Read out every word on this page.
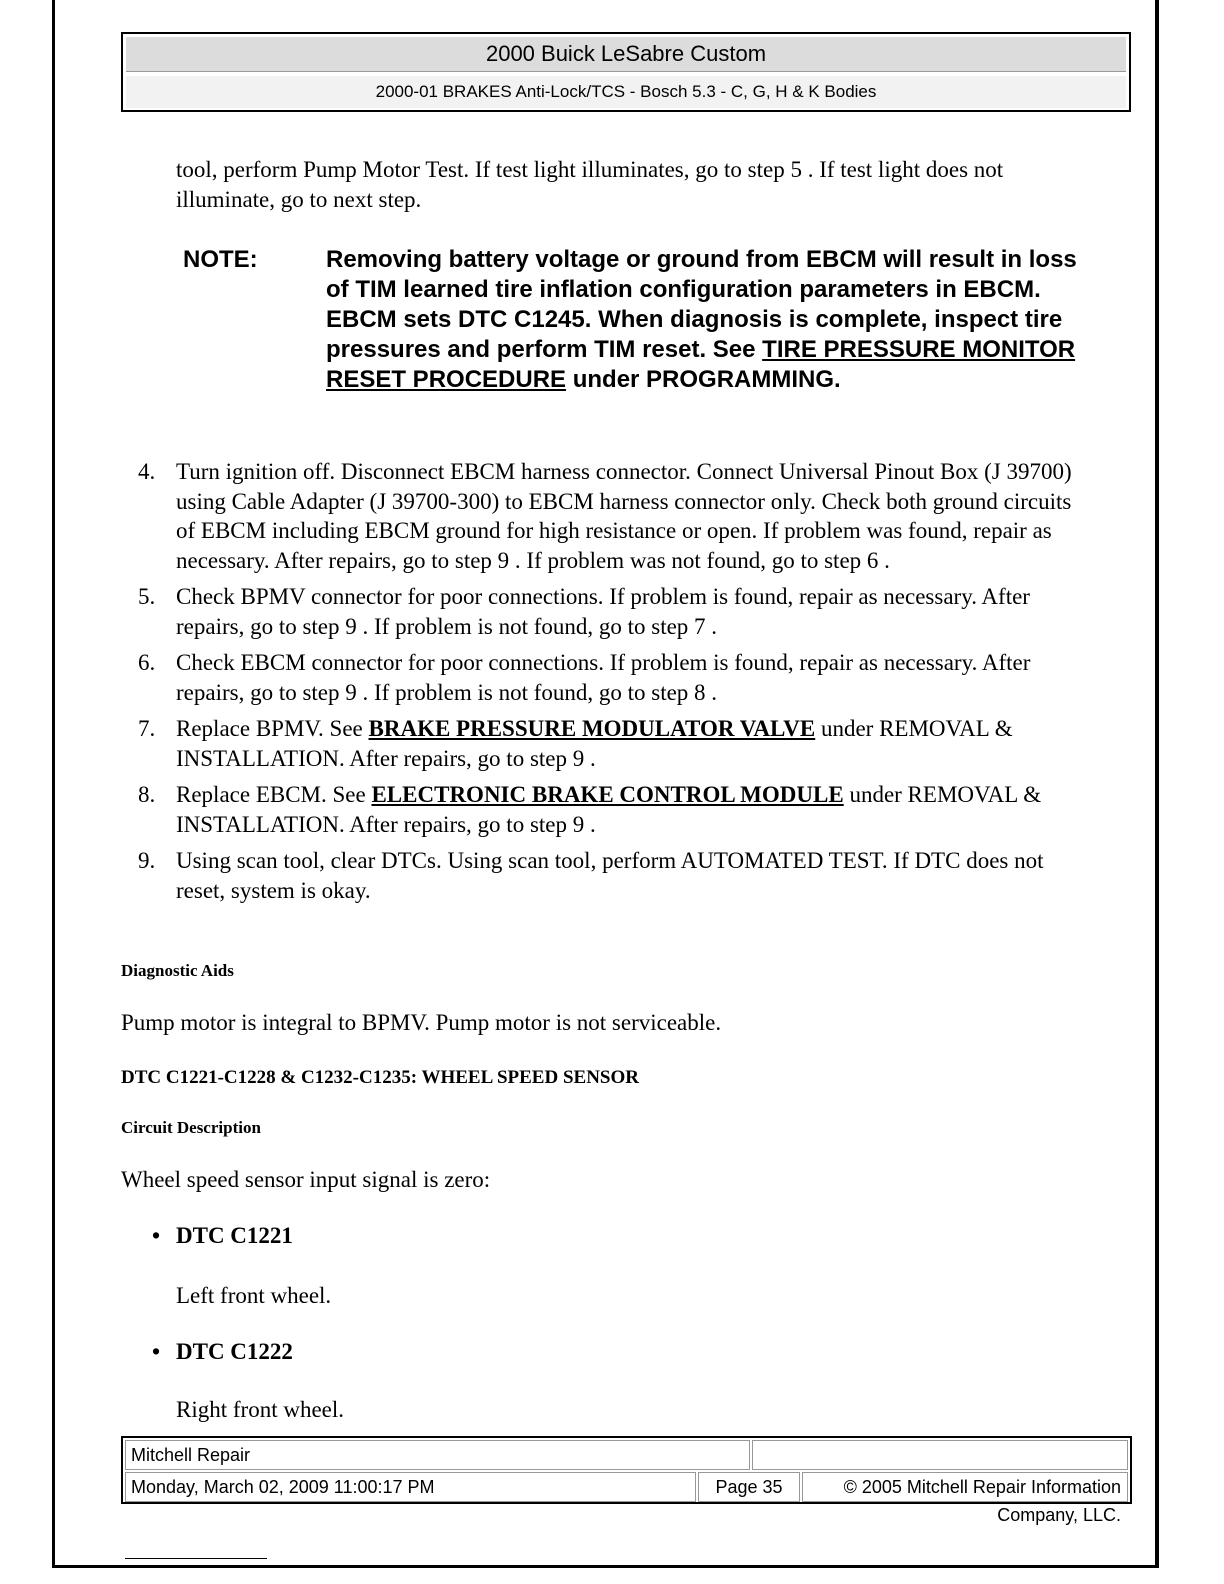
2000 Buick LeSabre Custom
2000-01 BRAKES Anti-Lock/TCS - Bosch 5.3 - C, G, H & K Bodies
tool, perform Pump Motor Test. If test light illuminates, go to step 5 . If test light does not illuminate, go to next step.
NOTE:	Removing battery voltage or ground from EBCM will result in loss of TIM learned tire inflation configuration parameters in EBCM. EBCM sets DTC C1245. When diagnosis is complete, inspect tire pressures and perform TIM reset. See TIRE PRESSURE MONITOR RESET PROCEDURE under PROGRAMMING.
4. Turn ignition off. Disconnect EBCM harness connector. Connect Universal Pinout Box (J 39700) using Cable Adapter (J 39700-300) to EBCM harness connector only. Check both ground circuits of EBCM including EBCM ground for high resistance or open. If problem was found, repair as necessary. After repairs, go to step 9 . If problem was not found, go to step 6 .
5. Check BPMV connector for poor connections. If problem is found, repair as necessary. After repairs, go to step 9 . If problem is not found, go to step 7 .
6. Check EBCM connector for poor connections. If problem is found, repair as necessary. After repairs, go to step 9 . If problem is not found, go to step 8 .
7. Replace BPMV. See BRAKE PRESSURE MODULATOR VALVE under REMOVAL & INSTALLATION. After repairs, go to step 9 .
8. Replace EBCM. See ELECTRONIC BRAKE CONTROL MODULE under REMOVAL & INSTALLATION. After repairs, go to step 9 .
9. Using scan tool, clear DTCs. Using scan tool, perform AUTOMATED TEST. If DTC does not reset, system is okay.
Diagnostic Aids
Pump motor is integral to BPMV. Pump motor is not serviceable.
DTC C1221-C1228 & C1232-C1235: WHEEL SPEED SENSOR
Circuit Description
Wheel speed sensor input signal is zero:
• DTC C1221
Left front wheel.
• DTC C1222
Right front wheel.
Mitchell Repair
Monday, March 02, 2009 11:00:17 PM	Page 35	© 2005 Mitchell Repair Information Company, LLC.
